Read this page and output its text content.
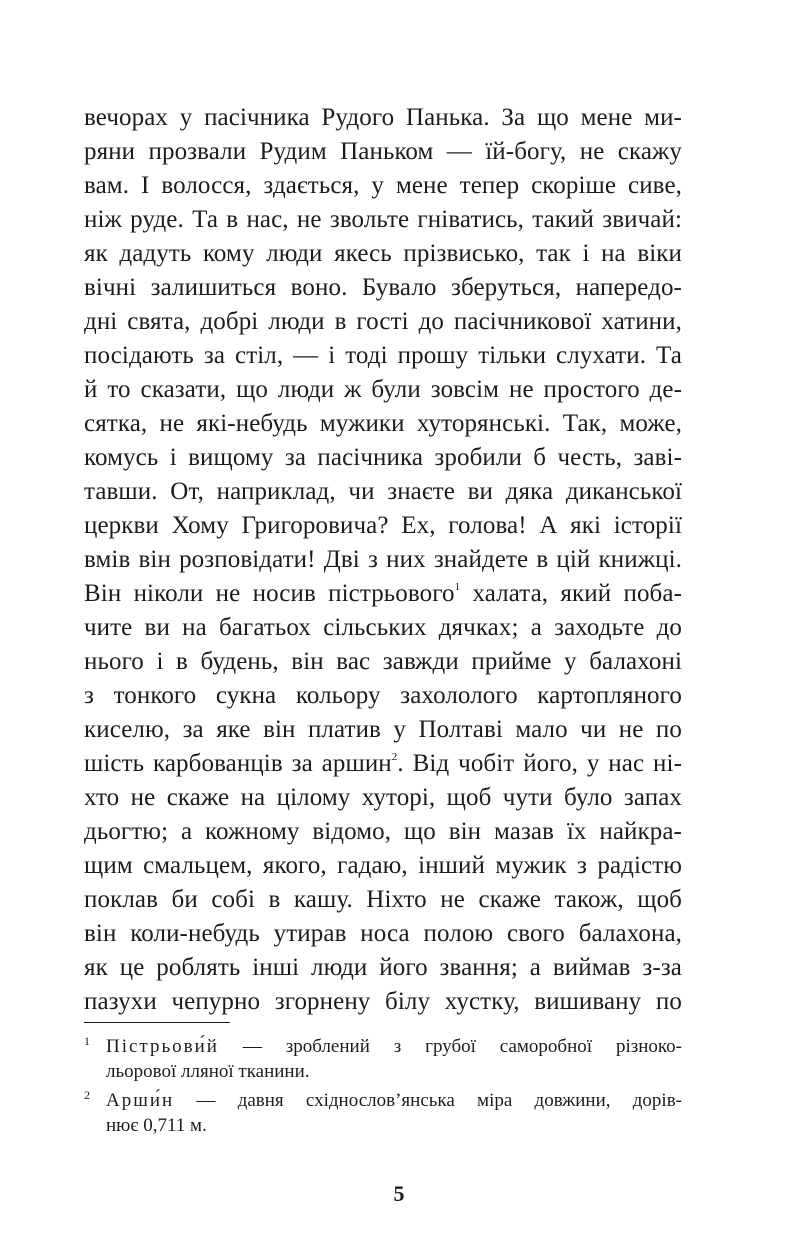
вечорах у пасічника Рудого Панька. За що мене ми-
ряни прозвали Рудим Паньком — їй-богу, не скажу
вам. І волосся, здається, у мене тепер скоріше сиве,
ніж руде. Та в нас, не звольте гніватись, такий звичай:
як дадуть кому люди якесь прізвисько, так і на віки
вічні залишиться воно. Бувало зберуться, напередо-
дні свята, добрі люди в гості до пасічникової хатини,
посідають за стіл, — і тоді прошу тільки слухати. Та
й то сказати, що люди ж були зовсім не простого де-
сятка, не які-небудь мужики хуторянські. Так, може,
комусь і вищому за пасічника зробили б честь, заві-
тавши. От, наприклад, чи знаєте ви дяка диканської
церкви Хому Григоровича? Ех, голова! А які історії
вмів він розповідати! Дві з них знайдете в цій книжці.
Він ніколи не носив пістрьового$^1$ халата, який поба-
чите ви на багатьох сільських дячках; а заходьте до
нього і в будень, він вас завжди прийме у балахоні
з тонкого сукна кольору захололого картопляного
киселю, за яке він платив у Полтаві мало чи не по
шість карбованців за аршин$^2$. Від чобіт його, у нас ні-
хто не скаже на цілому хуторі, щоб чути було запах
дьогтю; а кожному відомо, що він мазав їх найкра-
щим смальцем, якого, гадаю, інший мужик з радістю
поклав би собі в кашу. Ніхто не скаже також, щоб
він коли-небудь утирав носа полою свого балахона,
як це роблять інші люди його звання; а виймав з-за
пазухи чепурно згорнену білу хустку, вишивану по
1 Пістрьови́й — зроблений з грубої саморобної різноко-
льорової лляної тканини.
2 Арши́н — давня східнослов’янська міра довжини, дорів-
нює 0,711 м.
5
